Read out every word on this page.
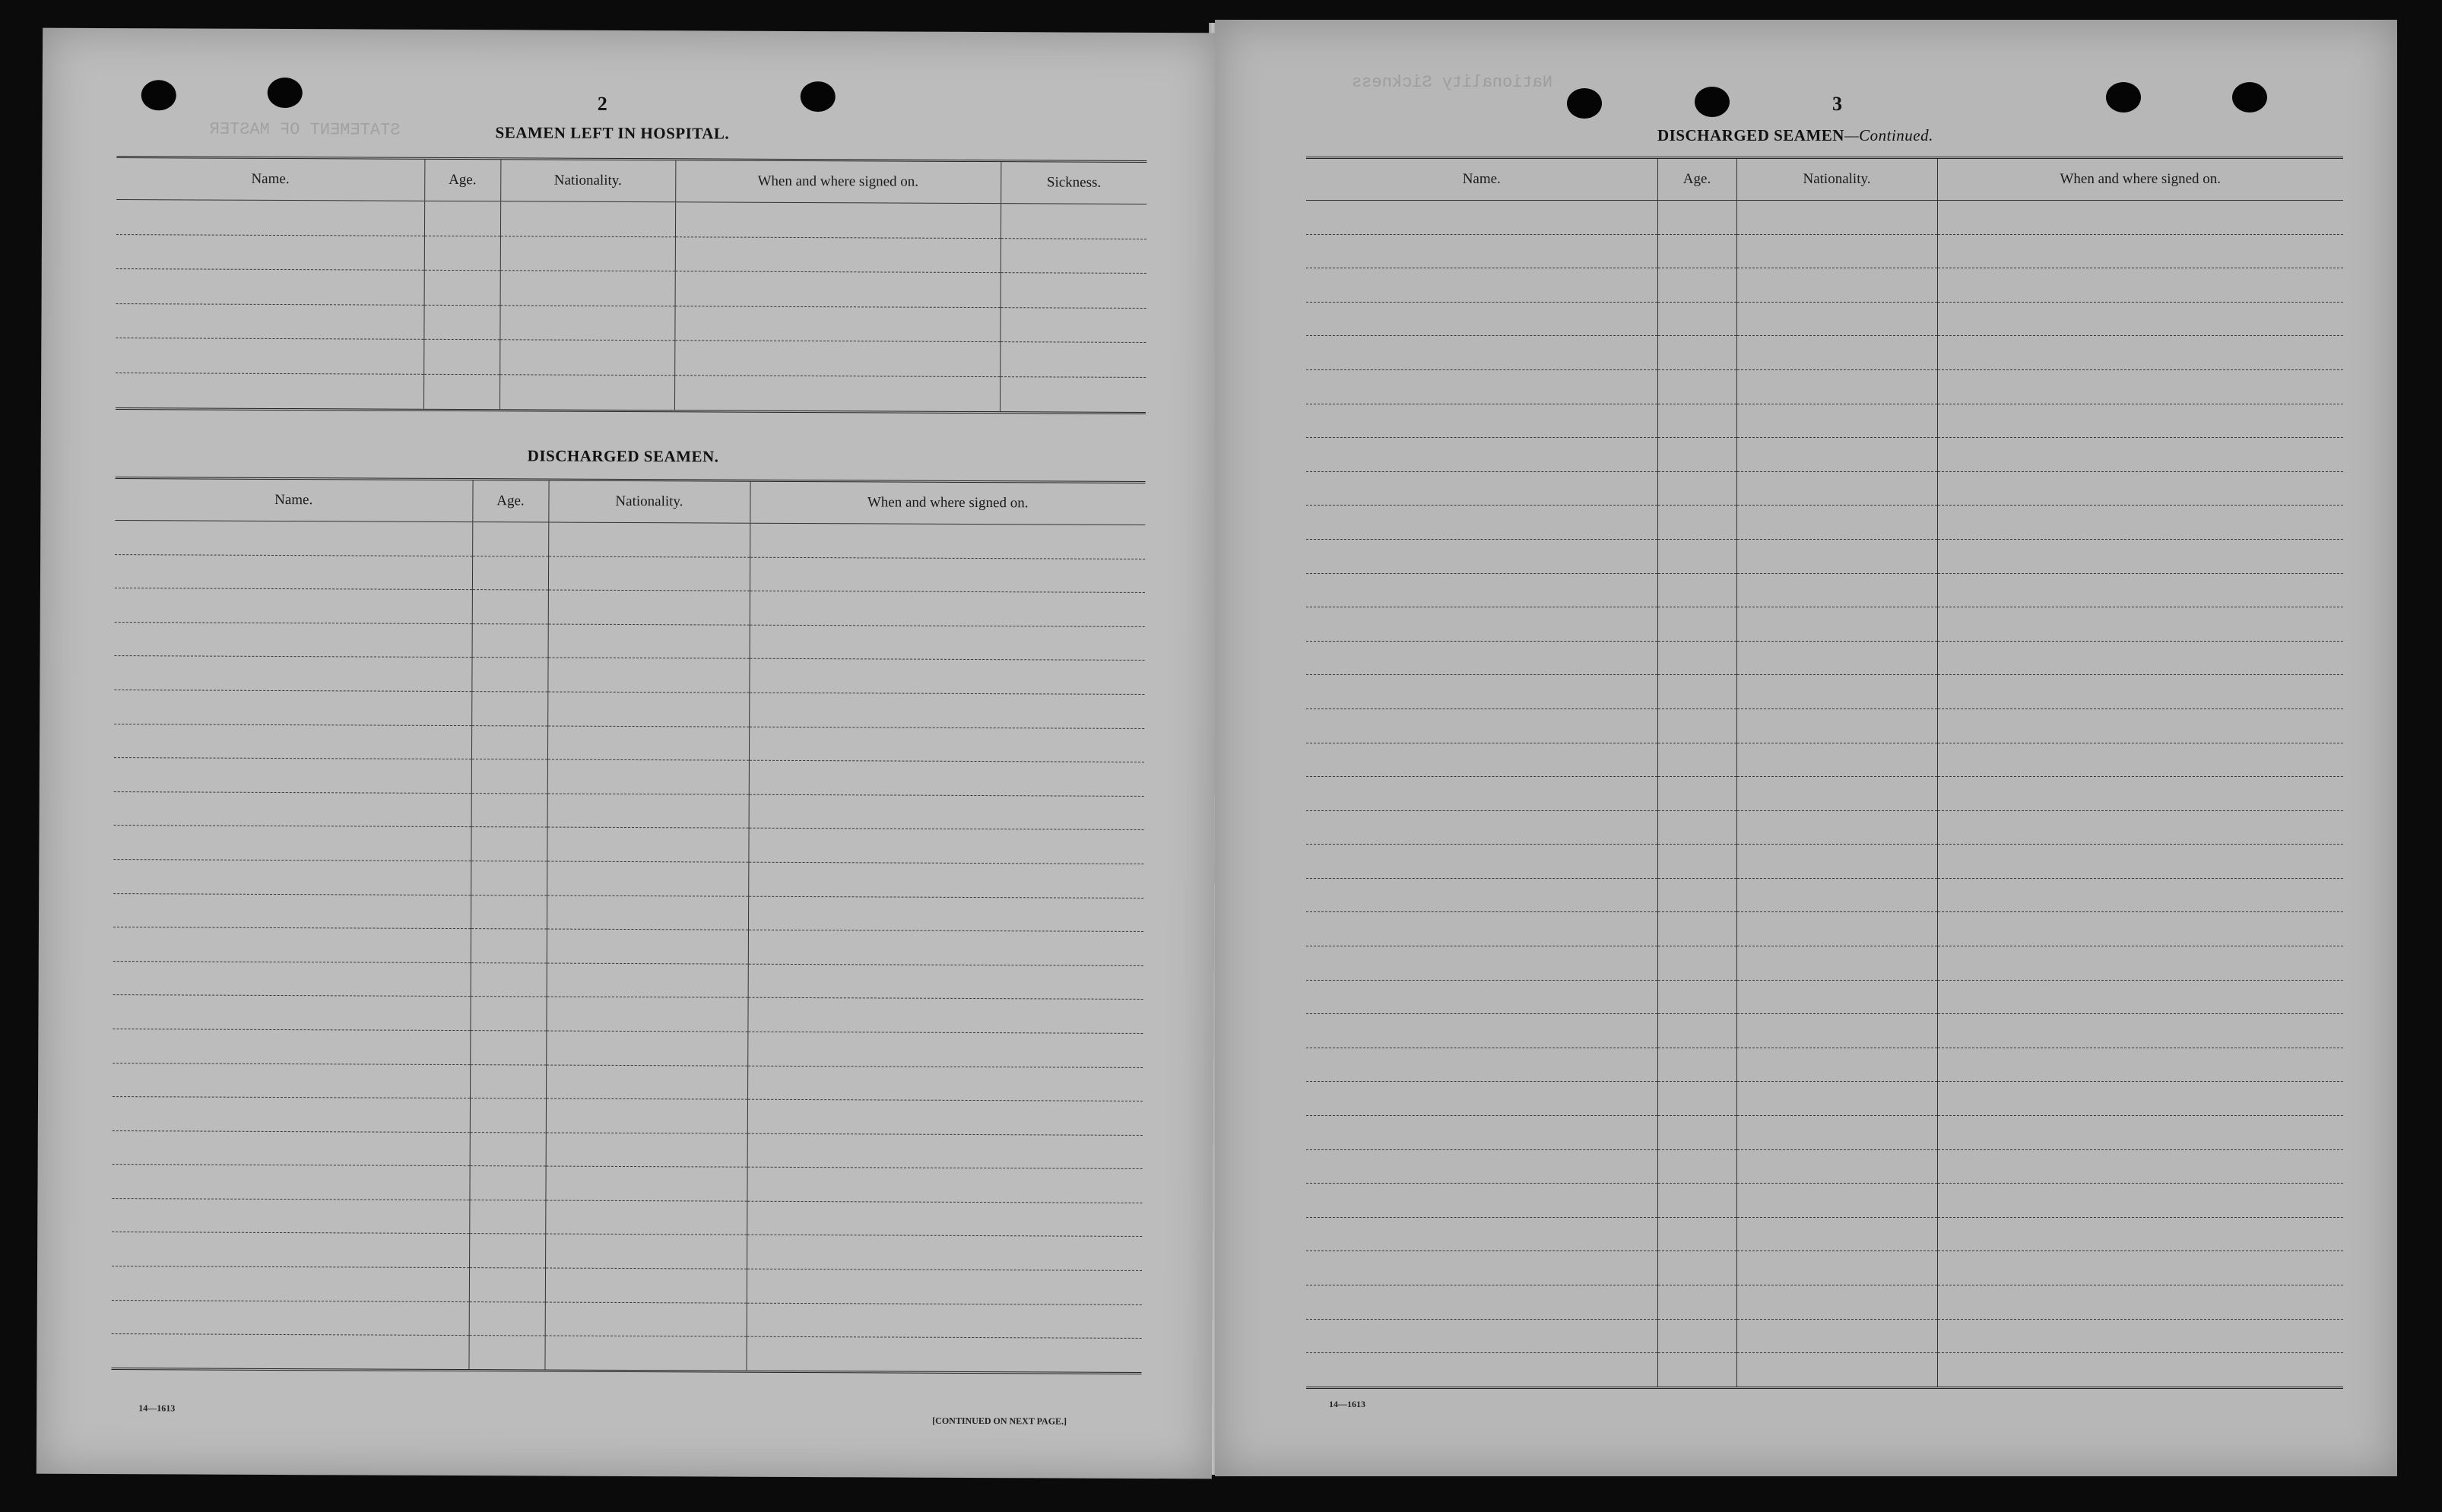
STATEMENT OF MASTER
2
SEAMEN LEFT IN HOSPITAL.
Name.	Age.	Nationality.	When and where signed on.	Sickness.

DISCHARGED SEAMEN.
Name.	Age.	Nationality.	When and where signed on.

14—1613
[CONTINUED ON NEXT PAGE.]
Nationality Sickness
3
DISCHARGED SEAMEN—Continued.
Name.	Age.	Nationality.	When and where signed on.

14—1613
